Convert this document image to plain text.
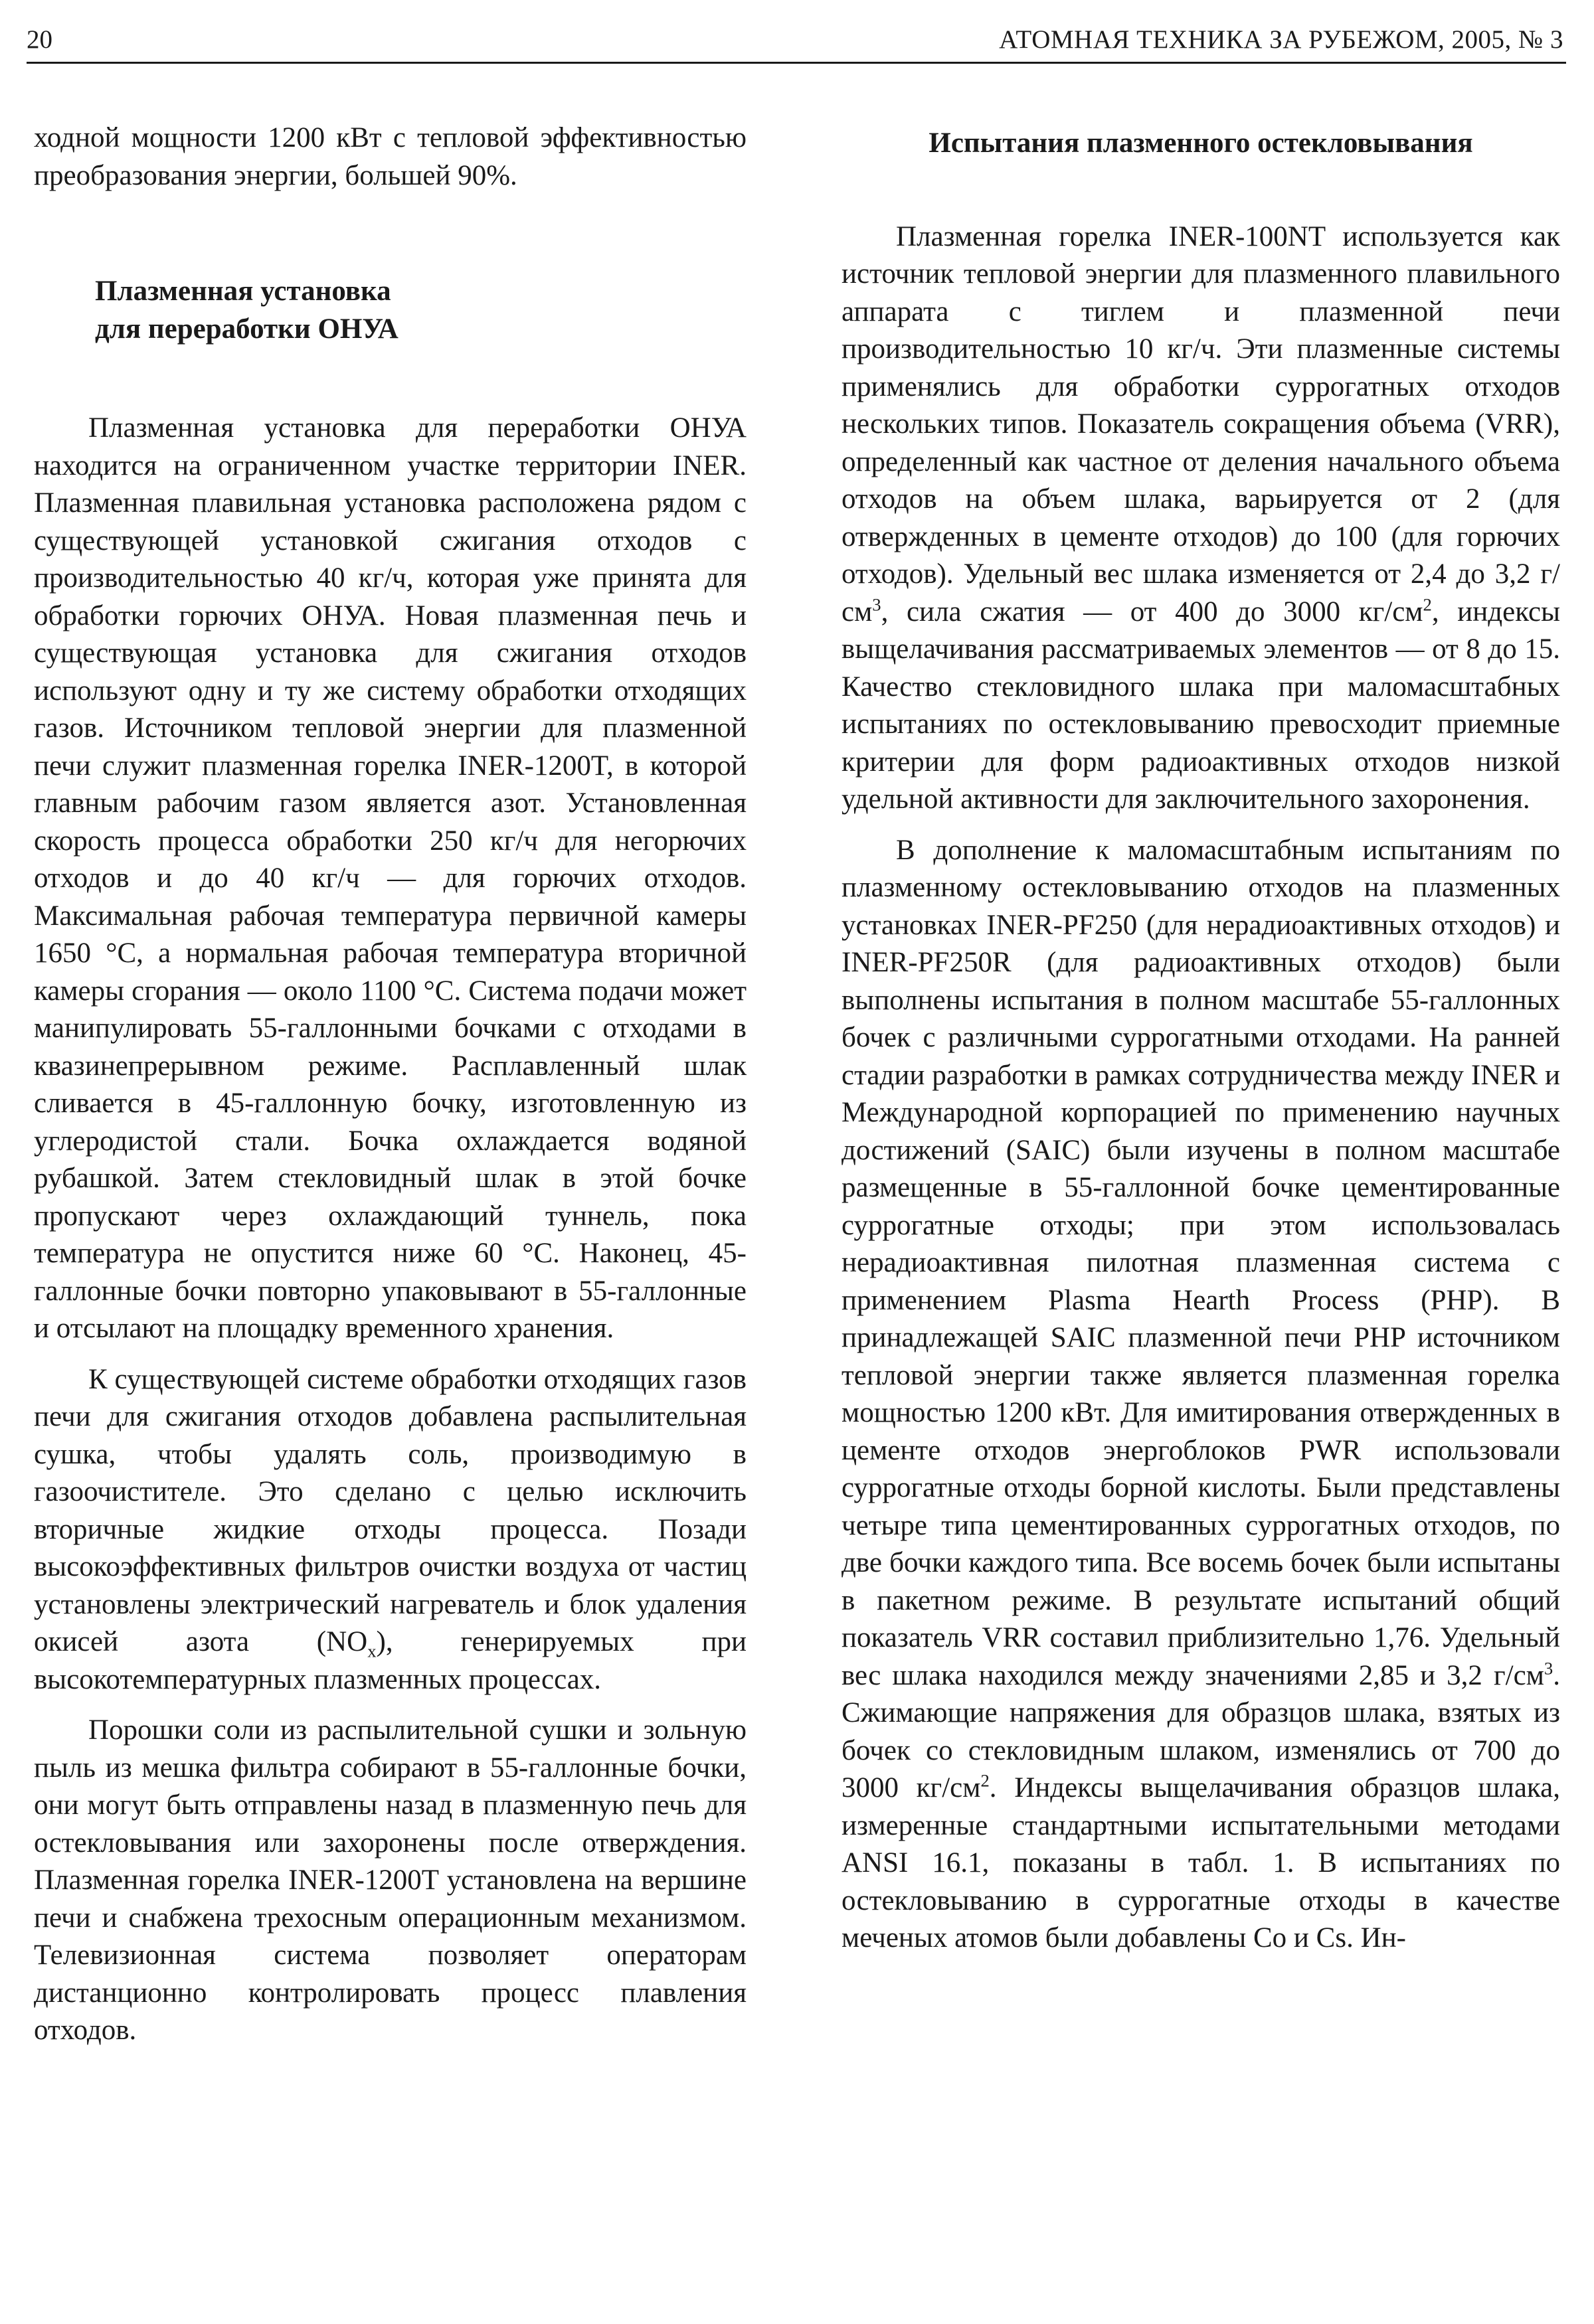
20	АТОМНАЯ ТЕХНИКА ЗА РУБЕЖОМ, 2005, № 3

ходной мощности 1200 кВт с тепловой эффективностью преобразования энергии, большей 90%.

Плазменная установка
для переработки ОНУА

Плазменная установка для переработки ОНУА находится на ограниченном участке территории INER. Плазменная плавильная установка расположена рядом с существующей установкой сжигания отходов с производительностью 40 кг/ч, которая уже принята для обработки горючих ОНУА. Новая плазменная печь и существующая установка для сжигания отходов используют одну и ту же систему обработки отходящих газов. Источником тепловой энергии для плазменной печи служит плазменная горелка INER-1200T, в которой главным рабочим газом является азот. Установленная скорость процесса обработки 250 кг/ч для негорючих отходов и до 40 кг/ч — для горючих отходов. Максимальная рабочая температура первичной камеры 1650 °C, а нормальная рабочая температура вторичной камеры сгорания — около 1100 °C. Система подачи может манипулировать 55-галлонными бочками с отходами в квазинепрерывном режиме. Расплавленный шлак сливается в 45-галлонную бочку, изготовленную из углеродистой стали. Бочка охлаждается водяной рубашкой. Затем стекловидный шлак в этой бочке пропускают через охлаждающий туннель, пока температура не опустится ниже 60 °C. Наконец, 45-галлонные бочки повторно упаковывают в 55-галлонные и отсылают на площадку временного хранения.

К существующей системе обработки отходящих газов печи для сжигания отходов добавлена распылительная сушка, чтобы удалять соль, производимую в газоочистителе. Это сделано с целью исключить вторичные жидкие отходы процесса. Позади высокоэффективных фильтров очистки воздуха от частиц установлены электрический нагреватель и блок удаления окисей азота $(NO_x)$, генерируемых при высокотемпературных плазменных процессах.

Порошки соли из распылительной сушки и зольную пыль из мешка фильтра собирают в 55-галлонные бочки, они могут быть отправлены назад в плазменную печь для остекловывания или захоронены после отверждения. Плазменная горелка INER-1200T установлена на вершине печи и снабжена трехосным операционным механизмом. Телевизионная система позволяет операторам дистанционно контролировать процесс плавления отходов.

Испытания плазменного остекловывания

Плазменная горелка INER-100NT используется как источник тепловой энергии для плазменного плавильного аппарата с тиглем и плазменной печи производительностью 10 кг/ч. Эти плазменные системы применялись для обработки суррогатных отходов нескольких типов. Показатель сокращения объема (VRR), определенный как частное от деления начального объема отходов на объем шлака, варьируется от 2 (для отвержденных в цементе отходов) до 100 (для горючих отходов). Удельный вес шлака изменяется от 2,4 до 3,2 $г/см^3$, сила сжатия — от 400 до 3000 $кг/см^2$, индексы выщелачивания рассматриваемых элементов — от 8 до 15. Качество стекловидного шлака при маломасштабных испытаниях по остекловыванию превосходит приемные критерии для форм радиоактивных отходов низкой удельной активности для заключительного захоронения.

В дополнение к маломасштабным испытаниям по плазменному остекловыванию отходов на плазменных установках INER-PF250 (для нерадиоактивных отходов) и INER-PF250R (для радиоактивных отходов) были выполнены испытания в полном масштабе 55-галлонных бочек с различными суррогатными отходами. На ранней стадии разработки в рамках сотрудничества между INER и Международной корпорацией по применению научных достижений (SAIC) были изучены в полном масштабе размещенные в 55-галлонной бочке цементированные суррогатные отходы; при этом использовалась нерадиоактивная пилотная плазменная система с применением Plasma Hearth Process (PHP). В принадлежащей SAIC плазменной печи PHP источником тепловой энергии также является плазменная горелка мощностью 1200 кВт. Для имитирования отвержденных в цементе отходов энергоблоков PWR использовали суррогатные отходы борной кислоты. Были представлены четыре типа цементированных суррогатных отходов, по две бочки каждого типа. Все восемь бочек были испытаны в пакетном режиме. В результате испытаний общий показатель VRR составил приблизительно 1,76. Удельный вес шлака находился между значениями 2,85 и 3,2 $г/см^3$. Сжимающие напряжения для образцов шлака, взятых из бочек со стекловидным шлаком, изменялись от 700 до 3000 $кг/см^2$. Индексы выщелачивания образцов шлака, измеренные стандартными испытательными методами ANSI 16.1, показаны в табл. 1. В испытаниях по остекловыванию в суррогатные отходы в качестве меченых атомов были добавлены Co и Cs. Ин-
